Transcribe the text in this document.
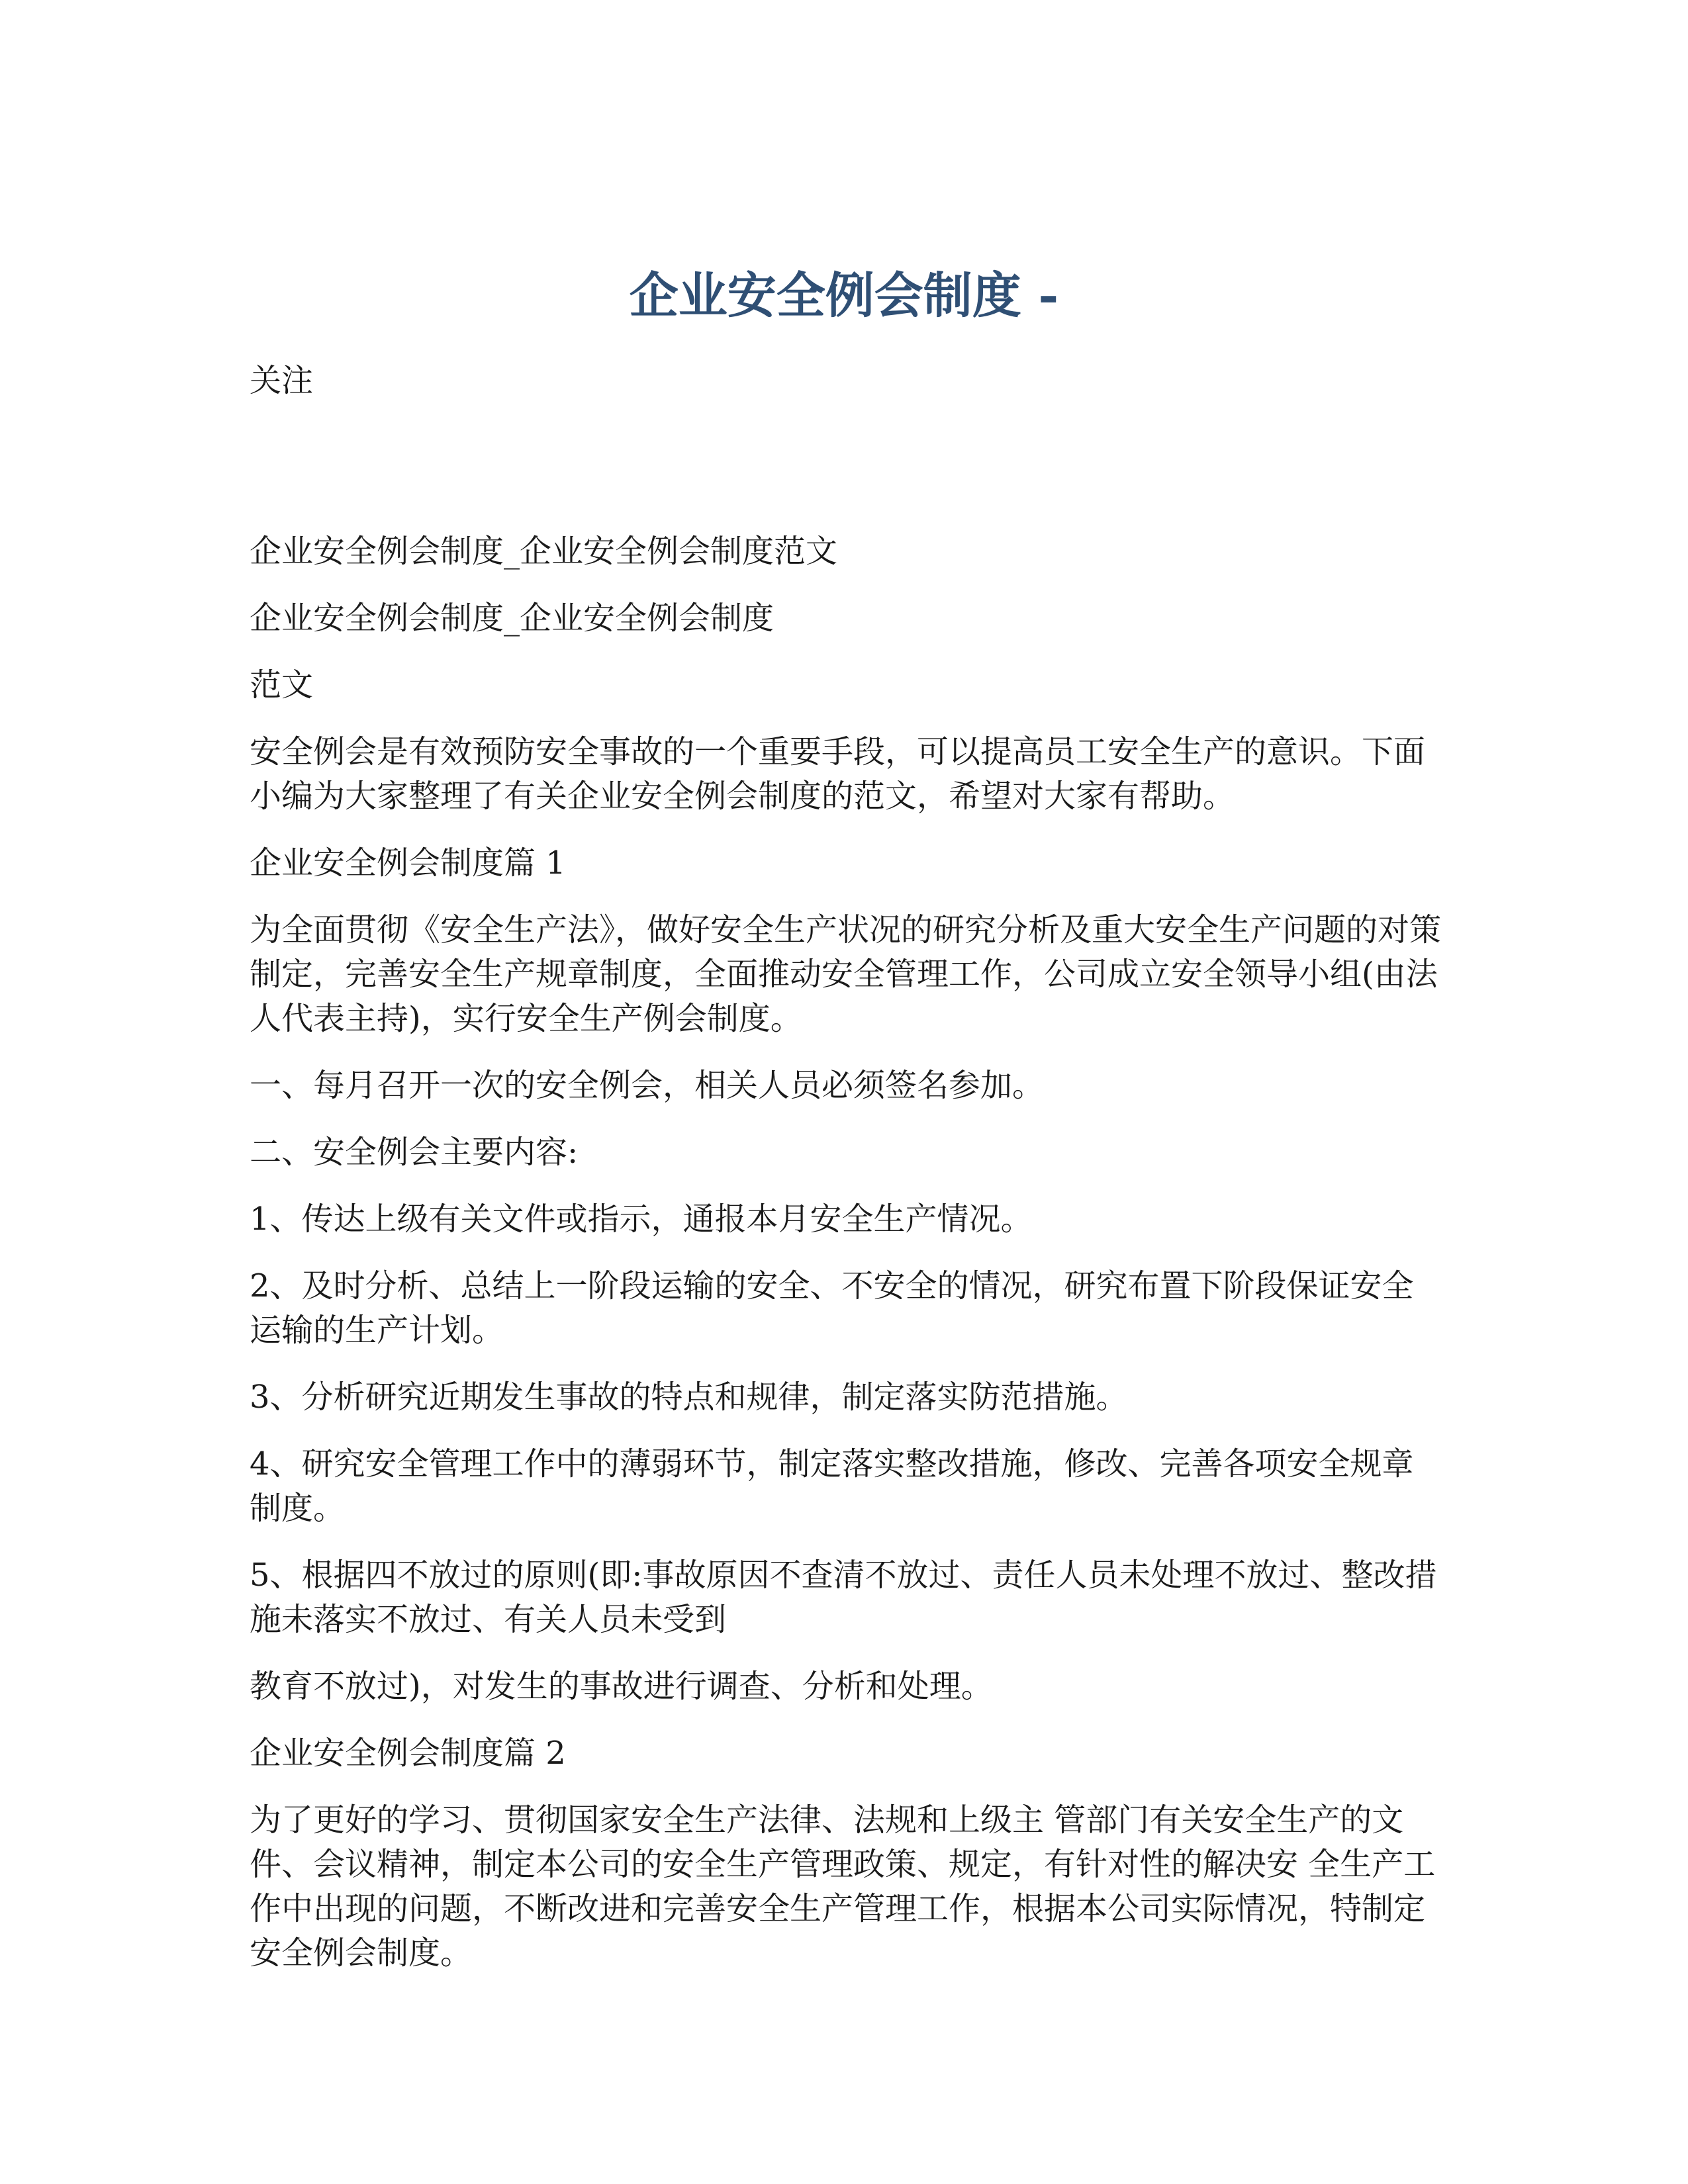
企业安全例会制度 -
关注

企业安全例会制度_企业安全例会制度范文

企业安全例会制度_企业安全例会制度

范文

安全例会是有效预防安全事故的一个重要手段，可以提高员工安全生产的意识。下面小编为大家整理了有关企业安全例会制度的范文，希望对大家有帮助。

企业安全例会制度篇 1

为全面贯彻《安全生产法》，做好安全生产状况的研究分析及重大安全生产问题的对策制定，完善安全生产规章制度，全面推动安全管理工作，公司成立安全领导小组(由法人代表主持)，实行安全生产例会制度。

一、每月召开一次的安全例会，相关人员必须签名参加。

二、安全例会主要内容:

1、传达上级有关文件或指示，通报本月安全生产情况。

2、及时分析、总结上一阶段运输的安全、不安全的情况，研究布置下阶段保证安全运输的生产计划。

3、分析研究近期发生事故的特点和规律，制定落实防范措施。

4、研究安全管理工作中的薄弱环节，制定落实整改措施，修改、完善各项安全规章制度。

5、根据四不放过的原则(即:事故原因不查清不放过、责任人员未处理不放过、整改措施未落实不放过、有关人员未受到

教育不放过)，对发生的事故进行调查、分析和处理。

企业安全例会制度篇 2

为了更好的学习、贯彻国家安全生产法律、法规和上级主 管部门有关安全生产的文件、会议精神，制定本公司的安全生产管理政策、规定，有针对性的解决安 全生产工作中出现的问题，不断改进和完善安全生产管理工作，根据本公司实际情况，特制定安全例会制度。
